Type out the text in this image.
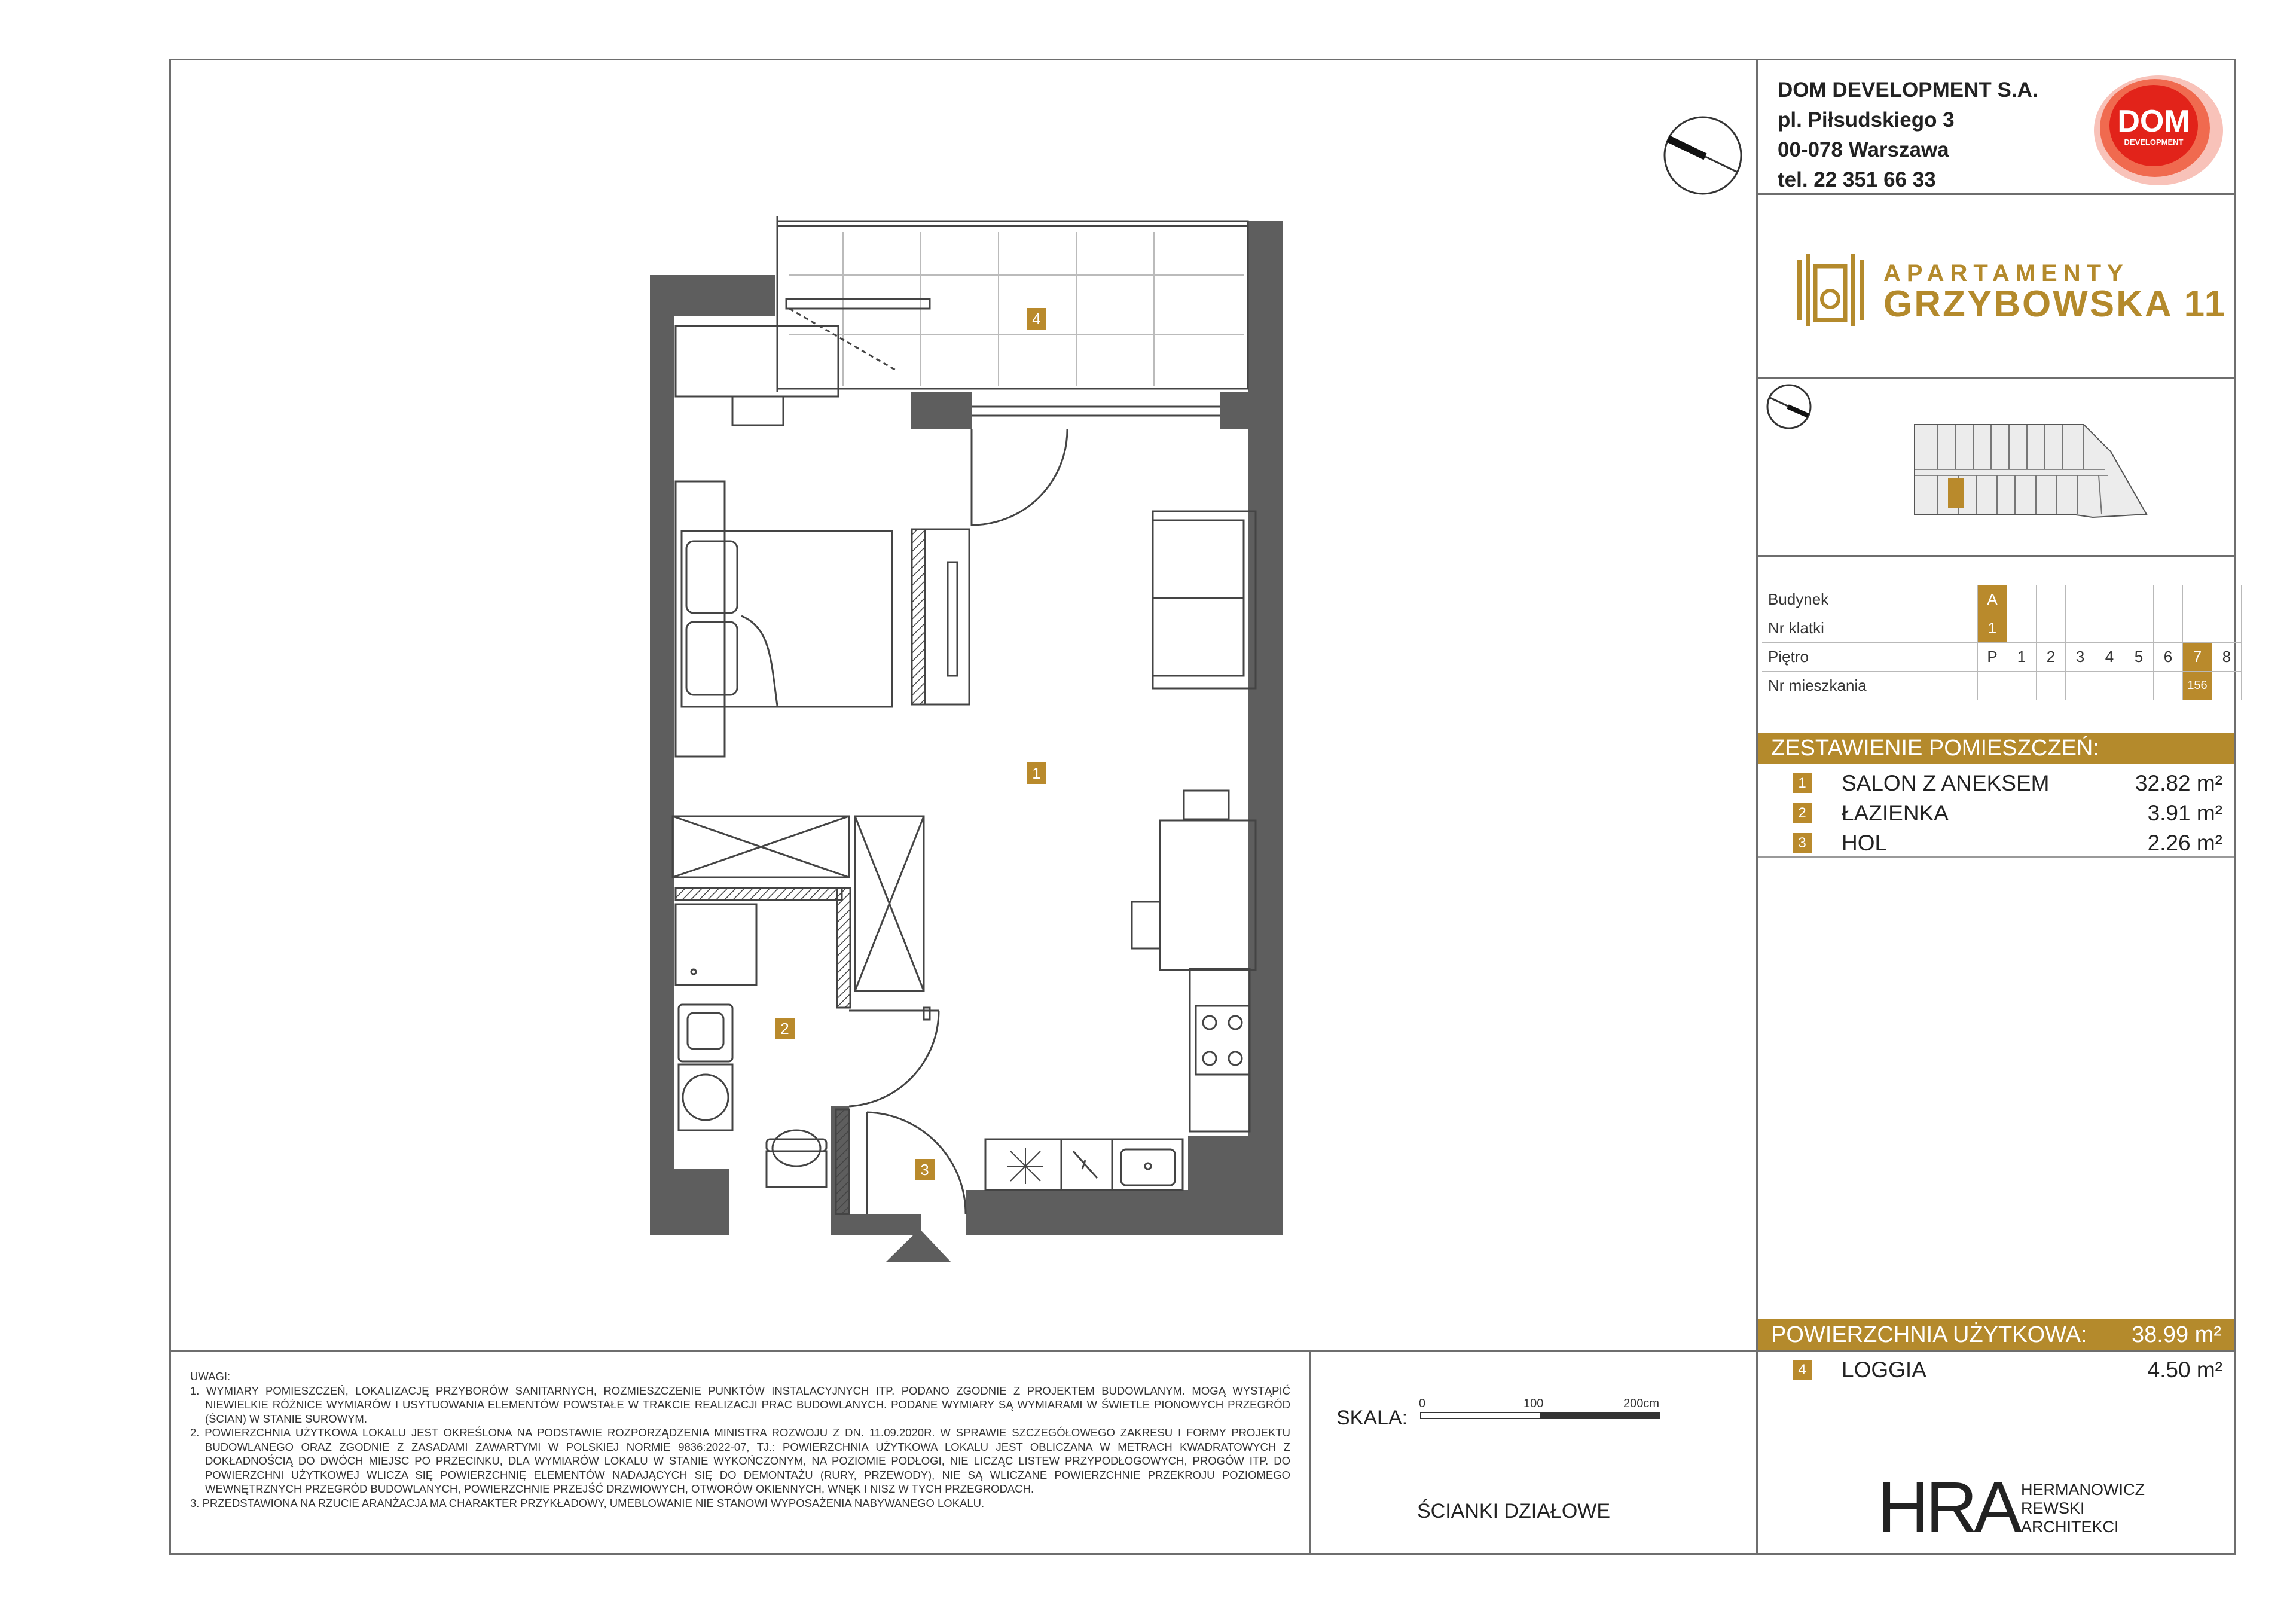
DOM DEVELOPMENT S.A.
pl. Piłsudskiego 3
00-078 Warszawa
tel. 22 351 66 33
DOM
DEVELOPMENT
APARTAMENTY
GRZYBOWSKA 11
Budynek	A								
Nr klatki	1								
Piętro	P	1	2	3	4	5	6	7	8
Nr mieszkania								156	
ZESTAWIENIE POMIESZCZEŃ:
1 SALON Z ANEKSEM	32.82 m²
2 ŁAZIENKA	3.91 m²
3 HOL	2.26 m²
POWIERZCHNIA UŻYTKOWA: 38.99 m²
4 LOGGIA	4.50 m²
4
1
2
3
UWAGI:

1. WYMIARY POMIESZCZEŃ, LOKALIZACJĘ PRZYBORÓW SANITARNYCH, ROZMIESZCZENIE PUNKTÓW INSTALACYJNYCH ITP. PODANO ZGODNIE Z PROJEKTEM BUDOWLANYM. MOGĄ WYSTĄPIĆ NIEWIELKIE RÓŻNICE WYMIARÓW I USYTUOWANIA ELEMENTÓW POWSTAŁE W TRAKCIE REALIZACJI PRAC BUDOWLANYCH. PODANE WYMIARY SĄ WYMIARAMI W ŚWIETLE PIONOWYCH PRZEGRÓD (ŚCIAN) W STANIE SUROWYM.

2. POWIERZCHNIA UŻYTKOWA LOKALU JEST OKREŚLONA NA PODSTAWIE ROZPORZĄDZENIA MINISTRA ROZWOJU Z DN. 11.09.2020R. W SPRAWIE SZCZEGÓŁOWEGO ZAKRESU I FORMY PROJEKTU BUDOWLANEGO ORAZ ZGODNIE Z ZASADAMI ZAWARTYMI W POLSKIEJ NORMIE 9836:2022-07, TJ.: POWIERZCHNIA UŻYTKOWA LOKALU JEST OBLICZANA W METRACH KWADRATOWYCH Z DOKŁADNOŚCIĄ DO DWÓCH MIEJSC PO PRZECINKU, DLA WYMIARÓW LOKALU W STANIE WYKOŃCZONYM, NA POZIOMIE PODŁOGI, NIE LICZĄC LISTEW PRZYPODŁOGOWYCH, PROGÓW ITP. DO POWIERZCHNI UŻYTKOWEJ WLICZA SIĘ POWIERZCHNIĘ ELEMENTÓW NADAJĄCYCH SIĘ DO DEMONTAŻU (RURY, PRZEWODY), NIE SĄ WLICZANE POWIERZCHNIE PRZEKROJU POZIOMEGO WEWNĘTRZNYCH PRZEGRÓD BUDOWLANYCH, POWIERZCHNIE PRZEJŚĆ DRZWIOWYCH, OTWORÓW OKIENNYCH, WNĘK I NISZ W TYCH PRZEGRODACH.

3. PRZEDSTAWIONA NA RZUCIE ARANŻACJA MA CHARAKTER PRZYKŁADOWY, UMEBLOWANIE NIE STANOWI WYPOSAŻENIA NABYWANEGO LOKALU.

SKALA:
0	100	200cm
ŚCIANKI DZIAŁOWE	HRA HERMANOWICZ
REWSKI
ARCHITEKCI
